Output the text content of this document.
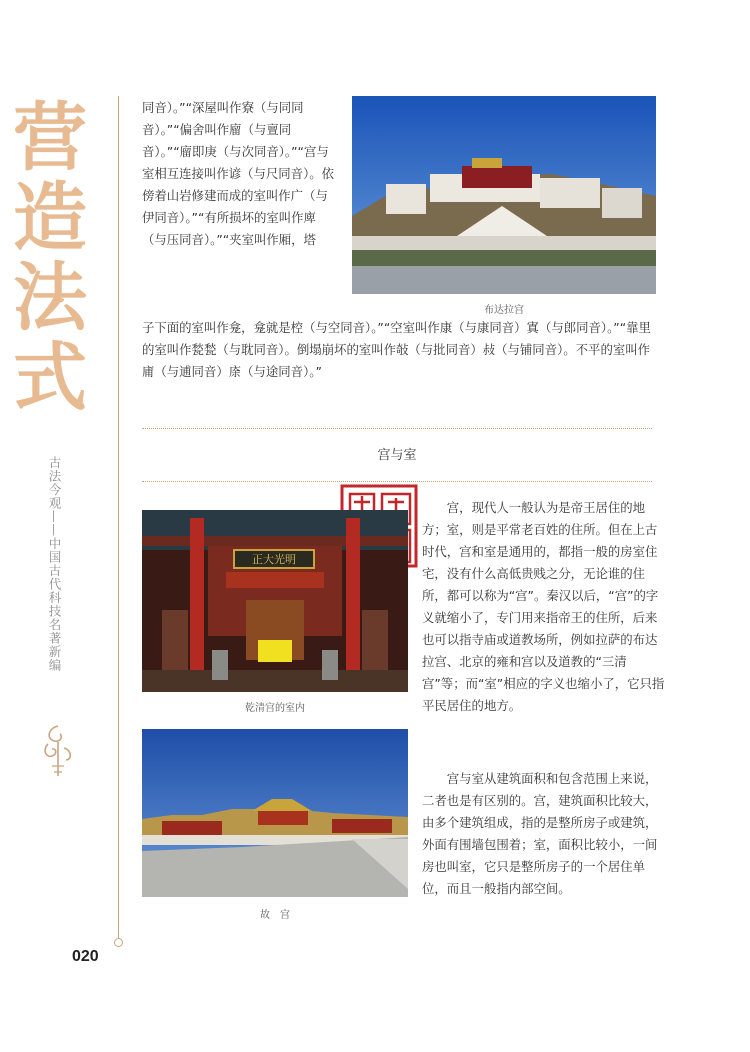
营
造
法
式
古法今观——中国古代科技名著新编
020
同音）。”“深屋叫作寮（与同同音）。”“偏舍叫作廇（与亶同音）。”“廇即庚（与次同音）。”“宫与室相互连接叫作谚（与尺同音）。依傍着山岩修建而成的室叫作广（与伊同音）。”“有所损坏的室叫作庳（与压同音）。”“夹室叫作厢，塔
布达拉宫
子下面的室叫作龛，龛就是椌（与空同音）。”“空室叫作康（与康同音）寘（与郎同音）。”“靠里的室叫作甃甃（与耽同音）。倒塌崩坏的室叫作敧（与批同音）敊（与铺同音）。不平的室叫作庯（与逋同音）庩（与途同音）。”
宫与室
正大光明
乾清宫的室内
故　宫
宫，现代人一般认为是帝王居住的地方；室，则是平常老百姓的住所。但在上古时代，宫和室是通用的，都指一般的房室住宅，没有什么高低贵贱之分，无论谁的住所，都可以称为“宫”。秦汉以后，“宫”的字义就缩小了，专门用来指帝王的住所，后来也可以指寺庙或道教场所，例如拉萨的布达拉宫、北京的雍和宫以及道教的“三清宫”等；而“室”相应的字义也缩小了，它只指平民居住的地方。
宫与室从建筑面积和包含范围上来说，二者也是有区别的。宫，建筑面积比较大，由多个建筑组成，指的是整所房子或建筑，外面有围墙包围着；室，面积比较小，一间房也叫室，它只是整所房子的一个居住单位，而且一般指内部空间。
